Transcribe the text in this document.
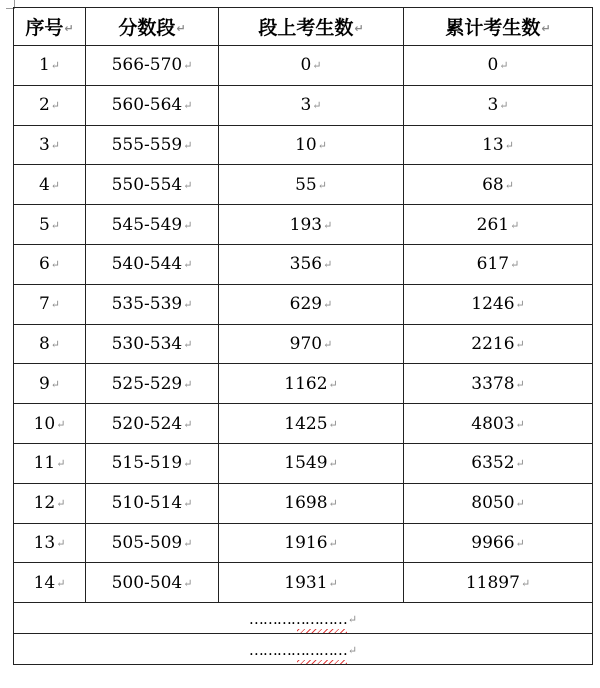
序号↵	分数段↵	段上考生数↵	累计考生数↵
1↵	566-570↵	0↵	0↵
2↵	560-564↵	3↵	3↵
3↵	555-559↵	10↵	13↵
4↵	550-554↵	55↵	68↵
5↵	545-549↵	193↵	261↵
6↵	540-544↵	356↵	617↵
7↵	535-539↵	629↵	1246↵
8↵	530-534↵	970↵	2216↵
9↵	525-529↵	1162↵	3378↵
10↵	520-524↵	1425↵	4803↵
11↵	515-519↵	1549↵	6352↵
12↵	510-514↵	1698↵	8050↵
13↵	505-509↵	1916↵	9966↵
14↵	500-504↵	1931↵	11897↵
…………………
↵			
…………………
↵			
